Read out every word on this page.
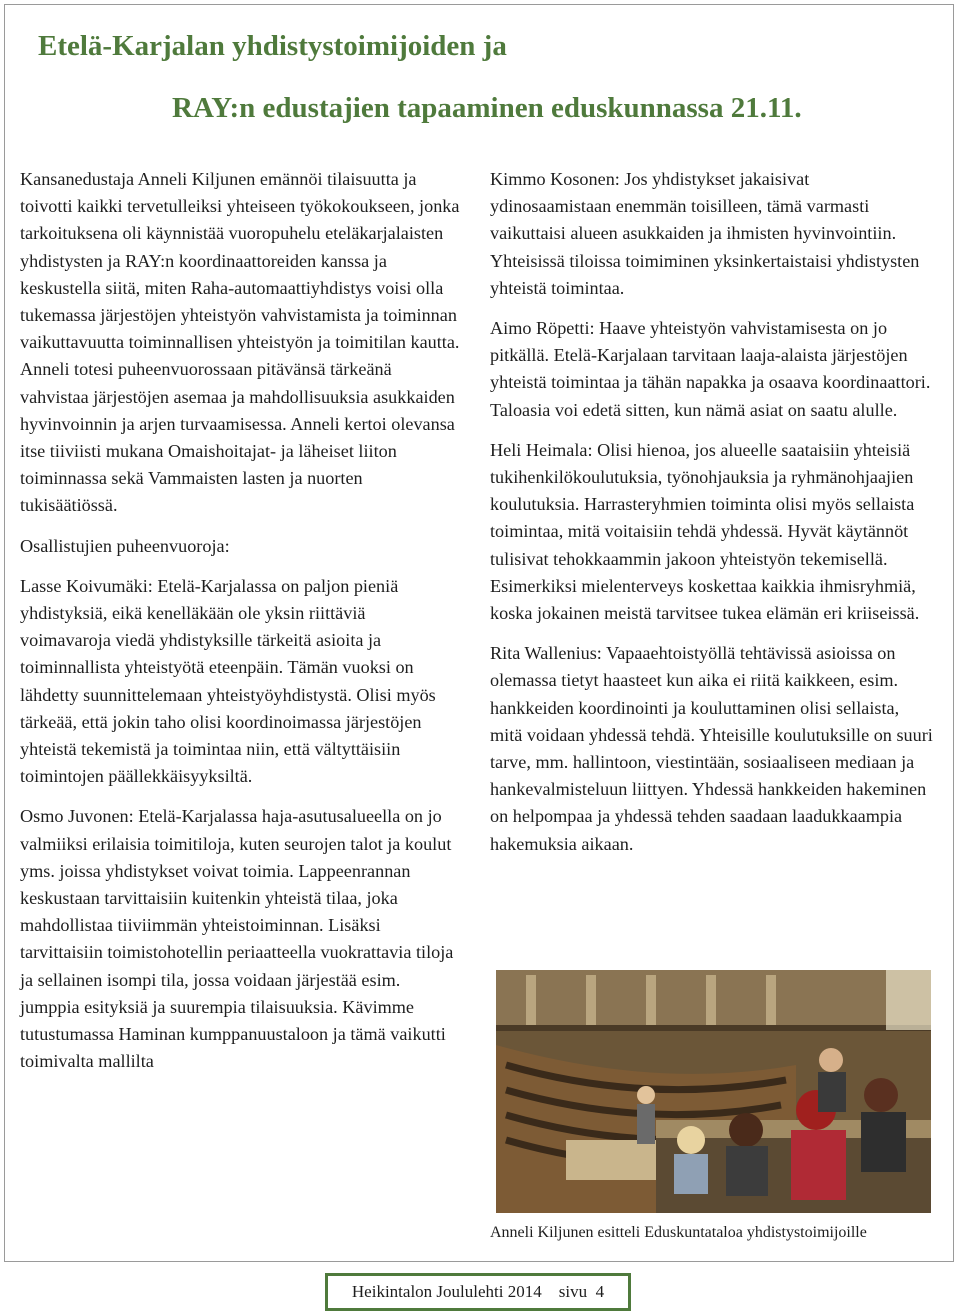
Etelä-Karjalan yhdistystoimijoiden ja
RAY:n edustajien tapaaminen eduskunnassa 21.11.

Kansanedustaja Anneli Kiljunen emännöi tilaisuutta ja toivotti kaikki tervetulleiksi yhteiseen työkokoukseen, jonka tarkoituksena oli käynnistää vuoropuhelu eteläkarjalaisten yhdistysten ja RAY:n koordinaattoreiden kanssa ja keskustella siitä, miten Raha-automaattiyhdistys voisi olla tukemassa järjestöjen yhteistyön vahvistamista ja toiminnan vaikuttavuutta toiminnallisen yhteistyön ja toimitilan kautta. Anneli totesi puheenvuorossaan pitävänsä tärkeänä vahvistaa järjestöjen asemaa ja mahdollisuuksia asukkaiden hyvinvoinnin ja arjen turvaamisessa. Anneli kertoi olevansa itse tiiviisti mukana Omaishoitajat- ja läheiset liiton toiminnassa sekä Vammaisten lasten ja nuorten tukisäätiössä.

Osallistujien puheenvuoroja:

Lasse Koivumäki: Etelä-Karjalassa on paljon pieniä yhdistyksiä, eikä kenelläkään ole yksin riittäviä voimavaroja viedä yhdistyksille tärkeitä asioita ja toiminnallista yhteistyötä eteenpäin. Tämän vuoksi on lähdetty suunnittelemaan yhteistyöyhdistystä. Olisi myös tärkeää, että jokin taho olisi koordinoimassa järjestöjen yhteistä tekemistä ja toimintaa niin, että vältyttäisiin toimintojen päällekkäisyyksiltä.

Osmo Juvonen: Etelä-Karjalassa haja-asutusalueella on jo valmiiksi erilaisia toimitiloja, kuten seurojen talot ja koulut yms. joissa yhdistykset voivat toimia. Lappeenrannan keskustaan tarvittaisiin kuitenkin yhteistä tilaa, joka mahdollistaa tiiviimmän yhteistoiminnan. Lisäksi tarvittaisiin toimistohotellin periaatteella vuokrattavia tiloja ja sellainen isompi tila, jossa voidaan järjestää esim. jumppia esityksiä ja suurempia tilaisuuksia. Kävimme tutustumassa Haminan kumppanuustaloon ja tämä vaikutti toimivalta mallilta

Kimmo Kosonen: Jos yhdistykset jakaisivat ydinosaamistaan enemmän toisilleen, tämä varmasti vaikuttaisi alueen asukkaiden ja ihmisten hyvinvointiin. Yhteisissä tiloissa toimiminen yksinkertaistaisi yhdistysten yhteistä toimintaa.

Aimo Röpetti: Haave yhteistyön vahvistamisesta on jo pitkällä. Etelä-Karjalaan tarvitaan laaja-alaista järjestöjen yhteistä toimintaa ja tähän napakka ja osaava koordinaattori. Taloasia voi edetä sitten, kun nämä asiat on saatu alulle.

Heli Heimala: Olisi hienoa, jos alueelle saataisiin yhteisiä tukihenkilökoulutuksia, työnohjauksia ja ryhmänohjaajien koulutuksia. Harrasteryhmien toiminta olisi myös sellaista toimintaa, mitä voitaisiin tehdä yhdessä. Hyvät käytännöt tulisivat tehokkaammin jakoon yhteistyön tekemisellä. Esimerkiksi mielenterveys koskettaa kaikkia ihmisryhmiä, koska jokainen meistä tarvitsee tukea elämän eri kriiseissä.

Rita Wallenius: Vapaaehtoistyöllä tehtävissä asioissa on olemassa tietyt haasteet kun aika ei riitä kaikkeen, esim. hankkeiden koordinointi ja kouluttaminen olisi sellaista, mitä voidaan yhdessä tehdä. Yhteisille koulutuksille on suuri tarve, mm. hallintoon, viestintään, sosiaaliseen mediaan ja hankevalmisteluun liittyen. Yhdessä hankkeiden hakeminen on helpompaa ja yhdessä tehden saadaan laadukkaampia hakemuksia aikaan.

Anneli Kiljunen esitteli Eduskuntataloa yhdistystoimijoille
Heikintalon Joululehti 2014 sivu  4
